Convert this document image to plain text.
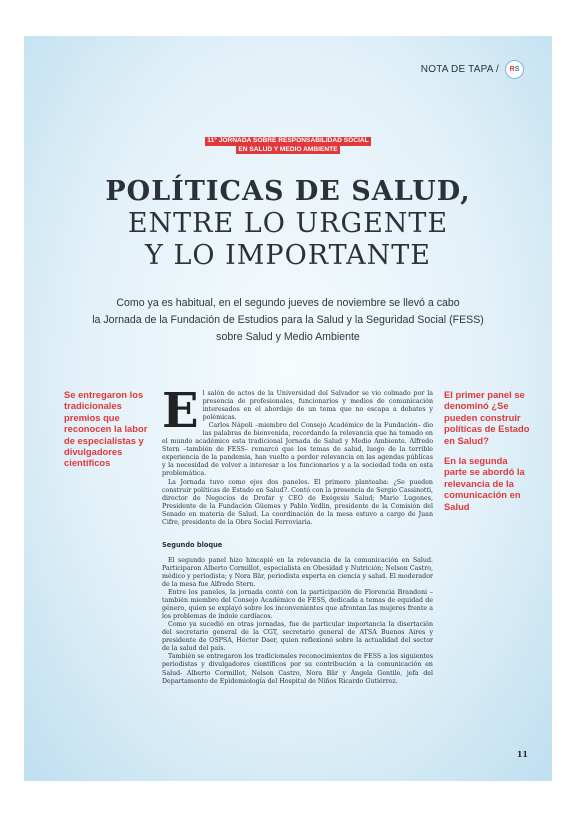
NOTA DE TAPA / R S
11° JORNADA SOBRE RESPONSABILIDAD SOCIAL
EN SALUD Y MEDIO AMBIENTE
POLÍTICAS DE SALUD,
ENTRE LO URGENTE
Y LO IMPORTANTE
Como ya es habitual, en el segundo jueves de noviembre se llevó a cabo
la Jornada de la Fundación de Estudios para la Salud y la Seguridad Social (FESS)
sobre Salud y Medio Ambiente
Se entregaron los tradicionales premios que reconocen la labor de especialistas y divulgadores científicos

El primer panel se denominó ¿Se pueden construir políticas de Estado en Salud?

En la segunda parte se abordó la relevancia de la comunicación en Salud

E l salón de actos de la Universidad del Salvador se vio colmado por la presencia de profesionales, funcionarios y medios de comunicación interesados en el abordaje de un tema que no escapa a debates y polémicas.

Carlos Nápoli –miembro del Consejo Académico de la Fundación– dio las palabras de bienvenida, recordando la relevancia que ha tomado en el mundo académico esta tradicional Jornada de Salud y Medio Ambiente. Alfredo Stern –también de FESS– remarcó que los temas de salud, luego de la terrible experiencia de la pandemia, han vuelto a perder relevancia en las agendas públicas y la necesidad de volver a interesar a los funcionarios y a la sociedad toda en esta problemática.

La Jornada tuvo como ejes dos paneles. El primero planteaba: ¿Se pueden construir políticas de Estado en Salud?. Contó con la presencia de Sergio Cassinotti, director de Negocios de Drofar y CEO de Exégesis Salud; Mario Lugones, Presidente de la Fundación Güemes y Pablo Yedlin, presidente de la Comisión del Senado en materia de Salud. La coordinación de la mesa estuvo a cargo de Juan Cifre, presidente de la Obra Social Ferroviaria.

Segundo bloque

El segundo panel hizo hincapié en la relevancia de la comunicación en Salud. Participaron Alberto Cormillot, especialista en Obesidad y Nutrición; Nelson Castro, médico y periodista; y Nora Bär, periodista experta en ciencia y salud. El moderador de la mesa fue Alfredo Stern.

Entre los paneles, la jornada contó con la participación de Florencia Brandoni –también miembro del Consejo Académico de FESS, dedicada a temas de equidad de género, quien se explayó sobre los inconvenientes que afrontan las mujeres frente a los problemas de índole cardíacos.

Como ya sucedió en otras jornadas, fue de particular importancia la disertación del secretario general de la CGT, secretario general de ATSA Buenos Aires y presidente de OSPSA, Héctor Daer, quien reflexionó sobre la actualidad del sector de la salud del país.

También se entregaron los tradicionales reconocimientos de FESS a los siguientes periodistas y divulgadores científicos por su contribución a la comunicación en Salud- Alberto Cormillot, Nelson Castro, Nora Bär y Ángela Gentile, jefa del Departamento de Epidemiología del Hospital de Niños Ricardo Gutiérrez.

11
